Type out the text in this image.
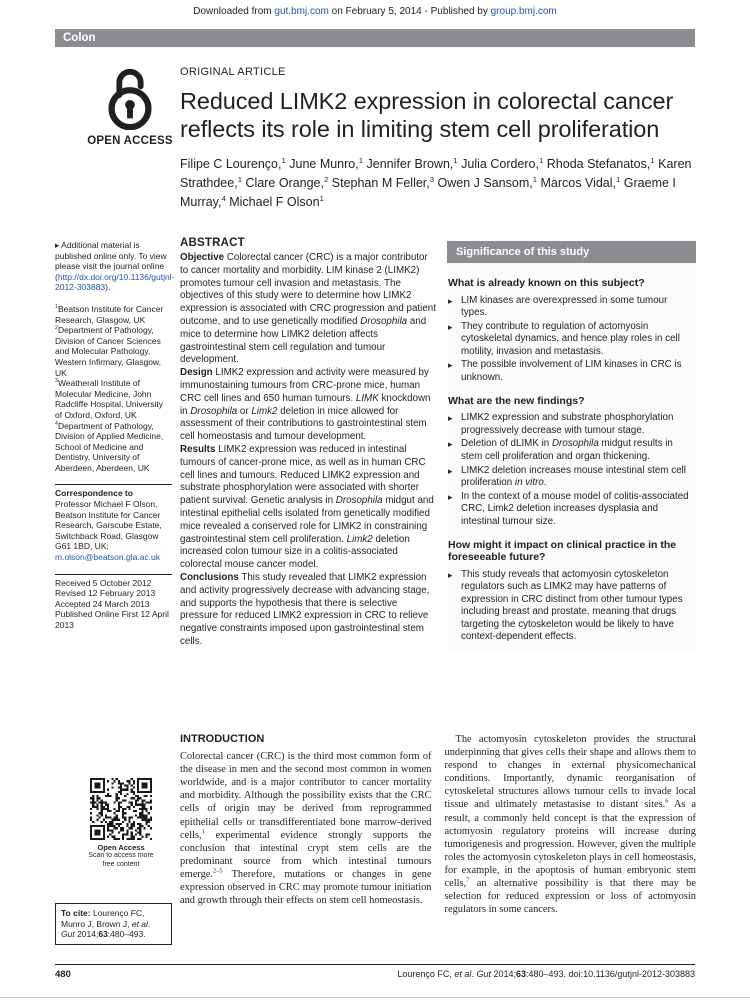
Downloaded from gut.bmj.com on February 5, 2014 - Published by group.bmj.com
Colon
OPEN ACCESS
ORIGINAL ARTICLE
Reduced LIMK2 expression in colorectal cancer reflects its role in limiting stem cell proliferation
Filipe C Lourenço,$^1$ June Munro,$^1$ Jennifer Brown,$^1$ Julia Cordero,$^1$ Rhoda Stefanatos,$^1$ Karen Strathdee,$^1$ Clare Orange,$^2$ Stephan M Feller,$^3$ Owen J Sansom,$^1$ Marcos Vidal,$^1$ Graeme I Murray,$^4$ Michael F Olson$^1$

▸ Additional material is published online only. To view please visit the journal online (http://dx.doi.org/10.1136/gutjnl-2012-303883).

$^1$Beatson Institute for Cancer Research, Glasgow, UK

$^2$Department of Pathology, Division of Cancer Sciences and Molecular Pathology, Western Infirmary, Glasgow, UK

$^3$Weatherall Institute of Molecular Medicine, John Radcliffe Hospital, University of Oxford, Oxford, UK

$^4$Department of Pathology, Division of Applied Medicine, School of Medicine and Dentistry, University of Aberdeen, Aberdeen, UK

Correspondence to
Professor Michael F Olson, Beatson Institute for Cancer Research, Garscube Estate, Switchback Road, Glasgow G61 1BD, UK; m.olson@beatson.gla.ac.uk
Received 5 October 2012
Revised 12 February 2013
Accepted 24 March 2013
Published Online First 12 April 2013
ABSTRACT

Objective Colorectal cancer (CRC) is a major contributor to cancer mortality and morbidity. LIM kinase 2 (LIMK2) promotes tumour cell invasion and metastasis. The objectives of this study were to determine how LIMK2 expression is associated with CRC progression and patient outcome, and to use genetically modified Drosophila and mice to determine how LIMK2 deletion affects gastrointestinal stem cell regulation and tumour development.

Design LIMK2 expression and activity were measured by immunostaining tumours from CRC-prone mice, human CRC cell lines and 650 human tumours. LIMK knockdown in Drosophila or Limk2 deletion in mice allowed for assessment of their contributions to gastrointestinal stem cell homeostasis and tumour development.

Results LIMK2 expression was reduced in intestinal tumours of cancer-prone mice, as well as in human CRC cell lines and tumours. Reduced LIMK2 expression and substrate phosphorylation were associated with shorter patient survival. Genetic analysis in Drosophila midgut and intestinal epithelial cells isolated from genetically modified mice revealed a conserved role for LIMK2 in constraining gastrointestinal stem cell proliferation. Limk2 deletion increased colon tumour size in a colitis-associated colorectal mouse cancer model.

Conclusions This study revealed that LIMK2 expression and activity progressively decrease with advancing stage, and supports the hypothesis that there is selective pressure for reduced LIMK2 expression in CRC to relieve negative constraints imposed upon gastrointestinal stem cells.

Significance of this study
What is already known on this subject?
▸ LIM kinases are overexpressed in some tumour types.
▸ They contribute to regulation of actomyosin cytoskeletal dynamics, and hence play roles in cell motility, invasion and metastasis.
▸ The possible involvement of LIM kinases in CRC is unknown.
What are the new findings?
▸ LIMK2 expression and substrate phosphorylation progressively decrease with tumour stage.
▸ Deletion of dLIMK in Drosophila midgut results in stem cell proliferation and organ thickening.
▸ LIMK2 deletion increases mouse intestinal stem cell proliferation in vitro.
▸ In the context of a mouse model of colitis-associated CRC, Limk2 deletion increases dysplasia and intestinal tumour size.
How might it impact on clinical practice in the foreseeable future?
▸ This study reveals that actomyosin cytoskeleton regulators such as LIMK2 may have patterns of expression in CRC distinct from other tumour types including breast and prostate, meaning that drugs targeting the cytoskeleton would be likely to have context-dependent effects.
INTRODUCTION

Colorectal cancer (CRC) is the third most common form of the disease in men and the second most common in women worldwide, and is a major contributor to cancer mortality and morbidity. Although the possibility exists that the CRC cells of origin may be derived from reprogrammed epithelial cells or transdifferentiated bone marrow-derived cells,$^1$ experimental evidence strongly supports the conclusion that intestinal crypt stem cells are the predominant source from which intestinal tumours emerge.$^{2-5}$ Therefore, mutations or changes in gene expression observed in CRC may promote tumour initiation and growth through their effects on stem cell homeostasis.

The actomyosin cytoskeleton provides the structural underpinning that gives cells their shape and allows them to respond to changes in external physicomechanical conditions. Importantly, dynamic reorganisation of cytoskeletal structures allows tumour cells to invade local tissue and ultimately metastasise to distant sites.$^6$ As a result, a commonly held concept is that the expression of actomyosin regulatory proteins will increase during tumorigenesis and progression. However, given the multiple roles the actomyosin cytoskeleton plays in cell homeostasis, for example, in the apoptosis of human embryonic stem cells,$^7$ an alternative possibility is that there may be selection for reduced expression or loss of actomyosin regulators in some cancers.

Open Access
Scan to access more free content
To cite: Lourenço FC, Munro J, Brown J, et al. Gut 2014;63:480–493.
480	Lourenço FC, et al. Gut 2014;63:480–493. doi:10.1136/gutjnl-2012-303883
